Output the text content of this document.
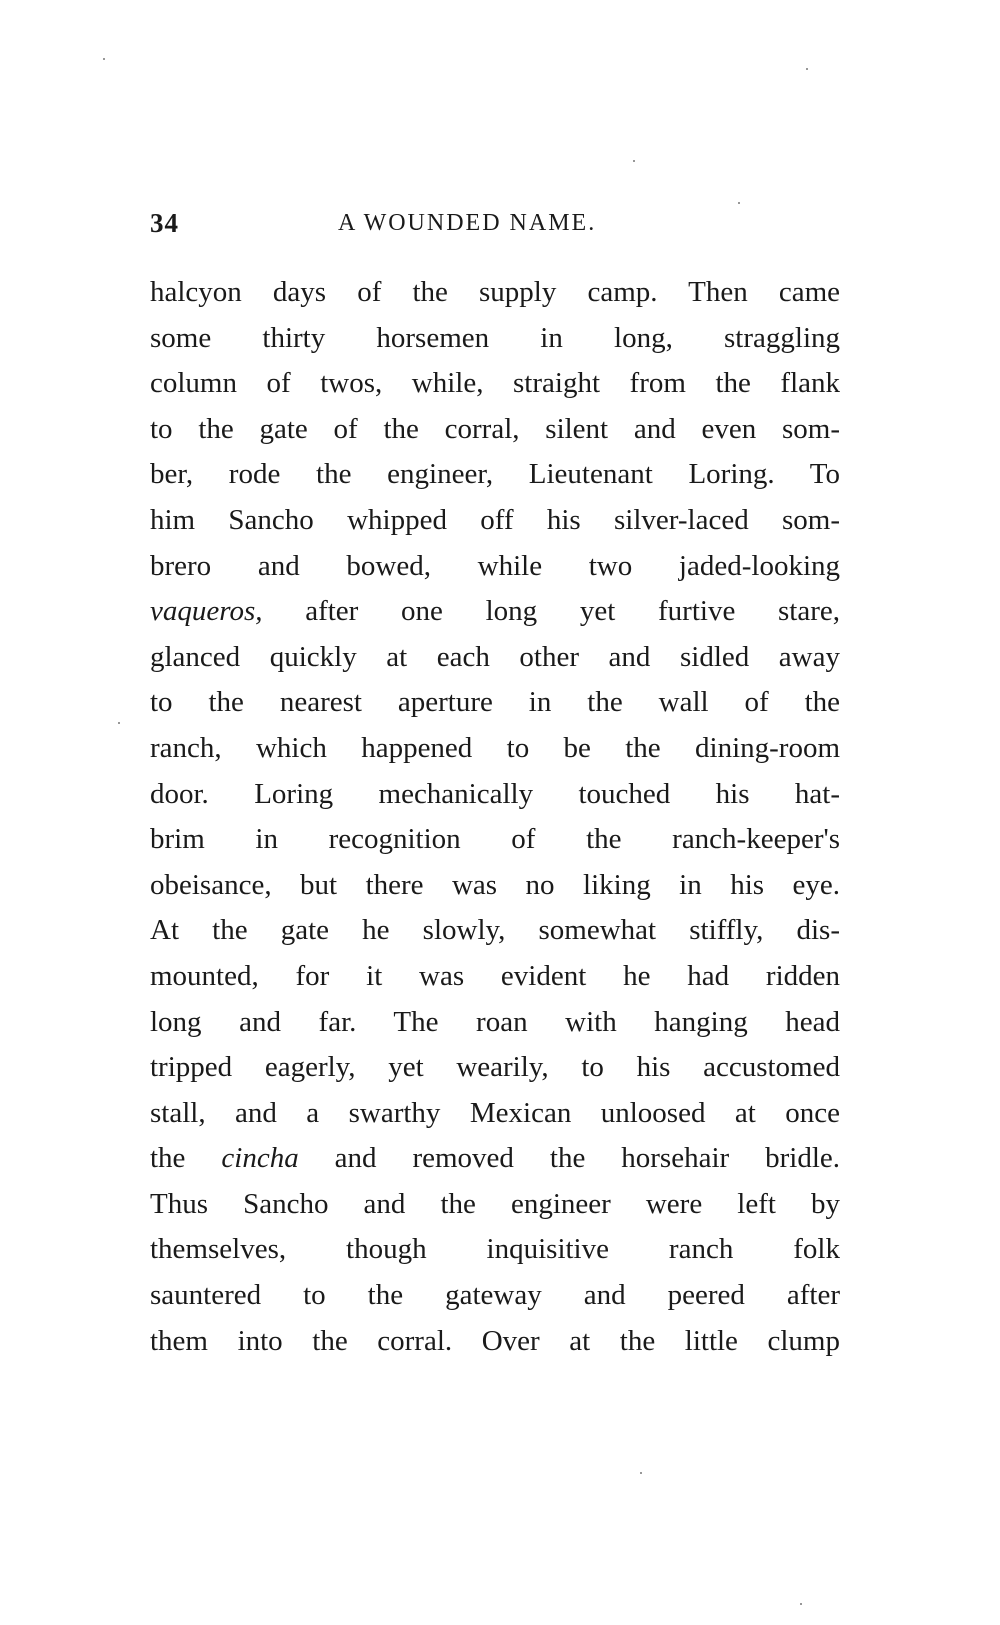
34	A WOUNDED NAME.
halcyon days of the supply camp. Then came
some thirty horsemen in long, straggling
column of twos, while, straight from the flank
to the gate of the corral, silent and even som-
ber, rode the engineer, Lieutenant Loring. To
him Sancho whipped off his silver-laced som-
brero and bowed, while two jaded-looking
vaqueros, after one long yet furtive stare,
glanced quickly at each other and sidled away
to the nearest aperture in the wall of the
ranch, which happened to be the dining-room
door. Loring mechanically touched his hat-
brim in recognition of the ranch-keeper's
obeisance, but there was no liking in his eye.
At the gate he slowly, somewhat stiffly, dis-
mounted, for it was evident he had ridden
long and far. The roan with hanging head
tripped eagerly, yet wearily, to his accustomed
stall, and a swarthy Mexican unloosed at once
the cincha and removed the horsehair bridle.
Thus Sancho and the engineer were left by
themselves, though inquisitive ranch folk
sauntered to the gateway and peered after
them into the corral. Over at the little clump
